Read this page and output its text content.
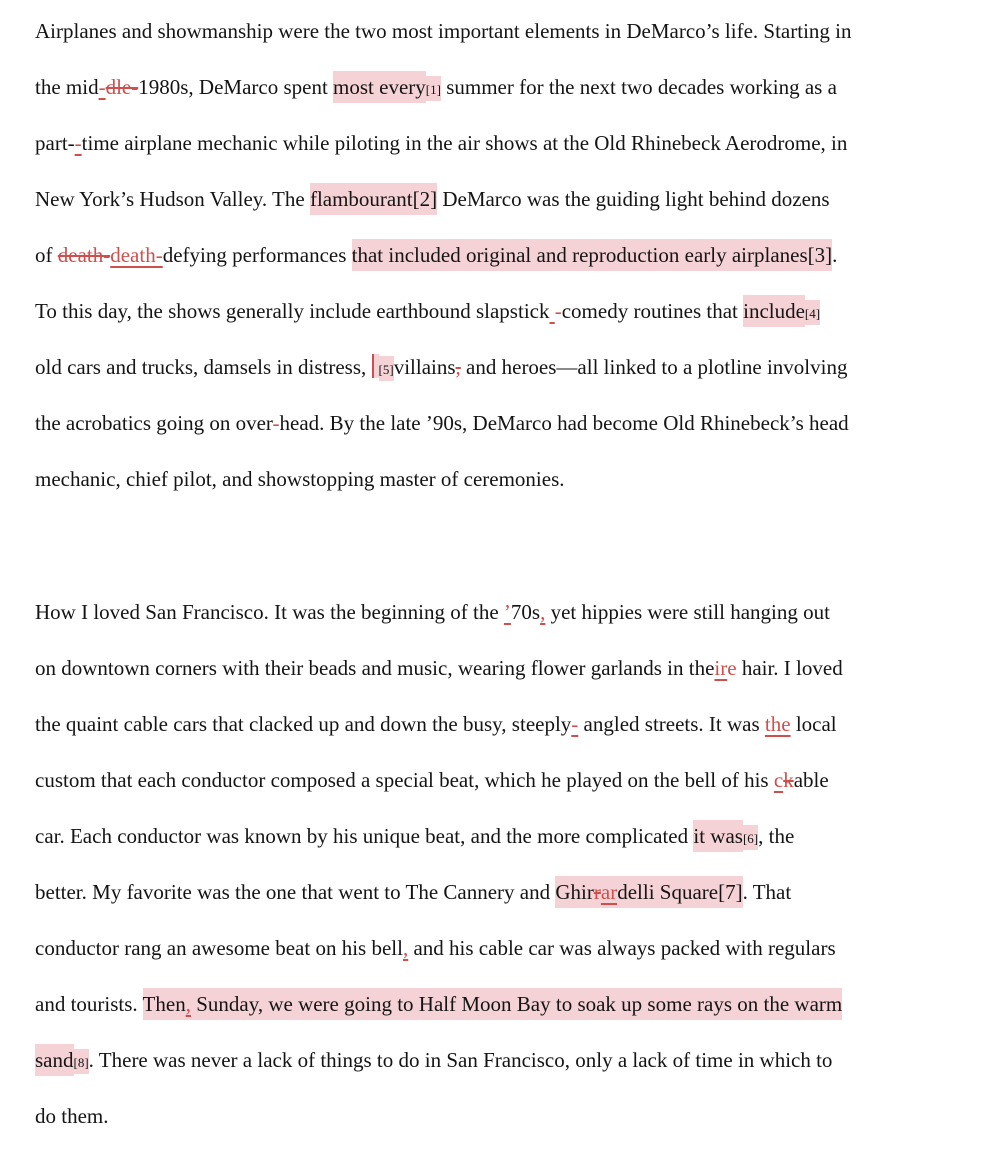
Airplanes and showmanship were the two most important elements in DeMarco’s life. Starting in
the mid-dle-1980s, DeMarco spent most every[1] summer for the next two decades working as a
part--time airplane mechanic while piloting in the air shows at the Old Rhinebeck Aerodrome, in
New York’s Hudson Valley. The flambourant[2] DeMarco was the guiding light behind dozens
of death-death-defying performances that included original and reproduction early airplanes[3].
To this day, the shows generally include earthbound slapstick -comedy routines that include[4]
old cars and trucks, damsels in distress, [5]villains, and heroes—all linked to a plotline involving
the acrobatics going on over-head. By the late ’90s, DeMarco had become Old Rhinebeck’s head
mechanic, chief pilot, and showstopping master of ceremonies.
How I loved San Francisco. It was the beginning of the ’70s, yet hippies were still hanging out
on downtown corners with their beads and music, wearing flower garlands in theire hair. I loved
the quaint cable cars that clacked up and down the busy, steeply- angled streets. It was the local
custom that each conductor composed a special beat, which he played on the bell of his ckable
car. Each conductor was known by his unique beat, and the more complicated it was[6], the
better. My favorite was the one that went to The Cannery and Ghirrardelli Square[7]. That
conductor rang an awesome beat on his bell, and his cable car was always packed with regulars
and tourists. Then, Sunday, we were going to Half Moon Bay to soak up some rays on the warm
sand[8]. There was never a lack of things to do in San Francisco, only a lack of time in which to
do them.
